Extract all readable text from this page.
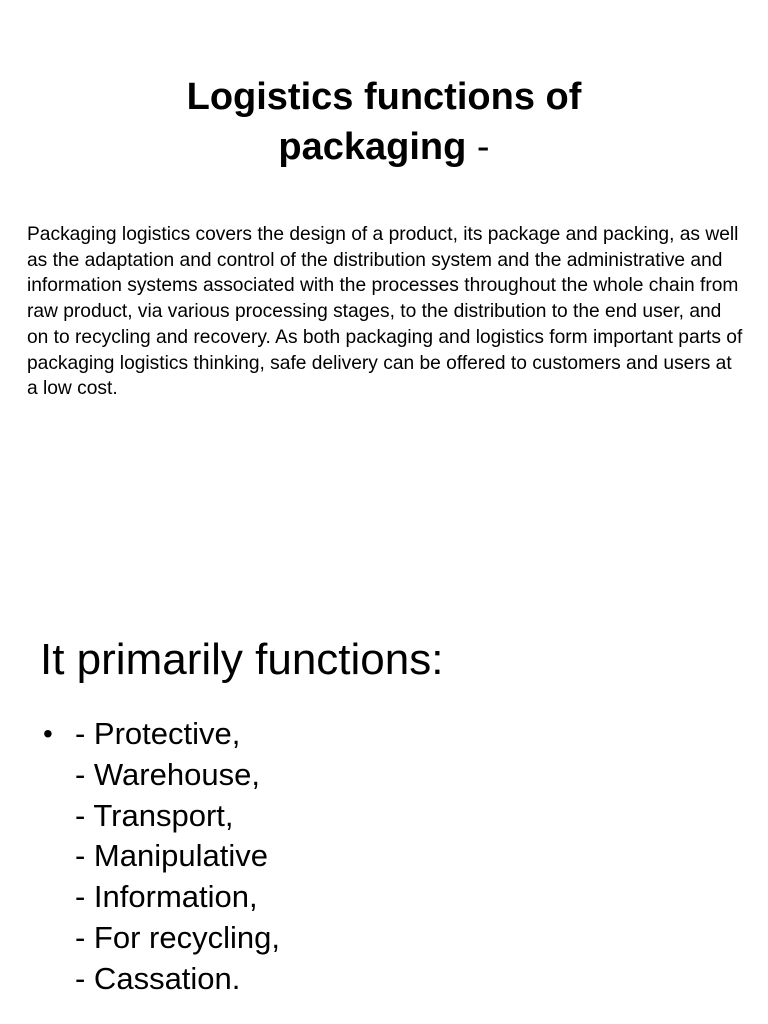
Logistics functions of
packaging -

Packaging logistics covers the design of a product, its package and packing, as well as the adaptation and control of the distribution system and the administrative and information systems associated with the processes throughout the whole chain from raw product, via various processing stages, to the distribution to the end user, and on to recycling and recovery. As both packaging and logistics form important parts of packaging logistics thinking, safe delivery can be offered to customers and users at a low cost.

It primarily functions:
• - Protective,
- Warehouse,
- Transport,
- Manipulative
- Information,
- For recycling,
- Cassation.
